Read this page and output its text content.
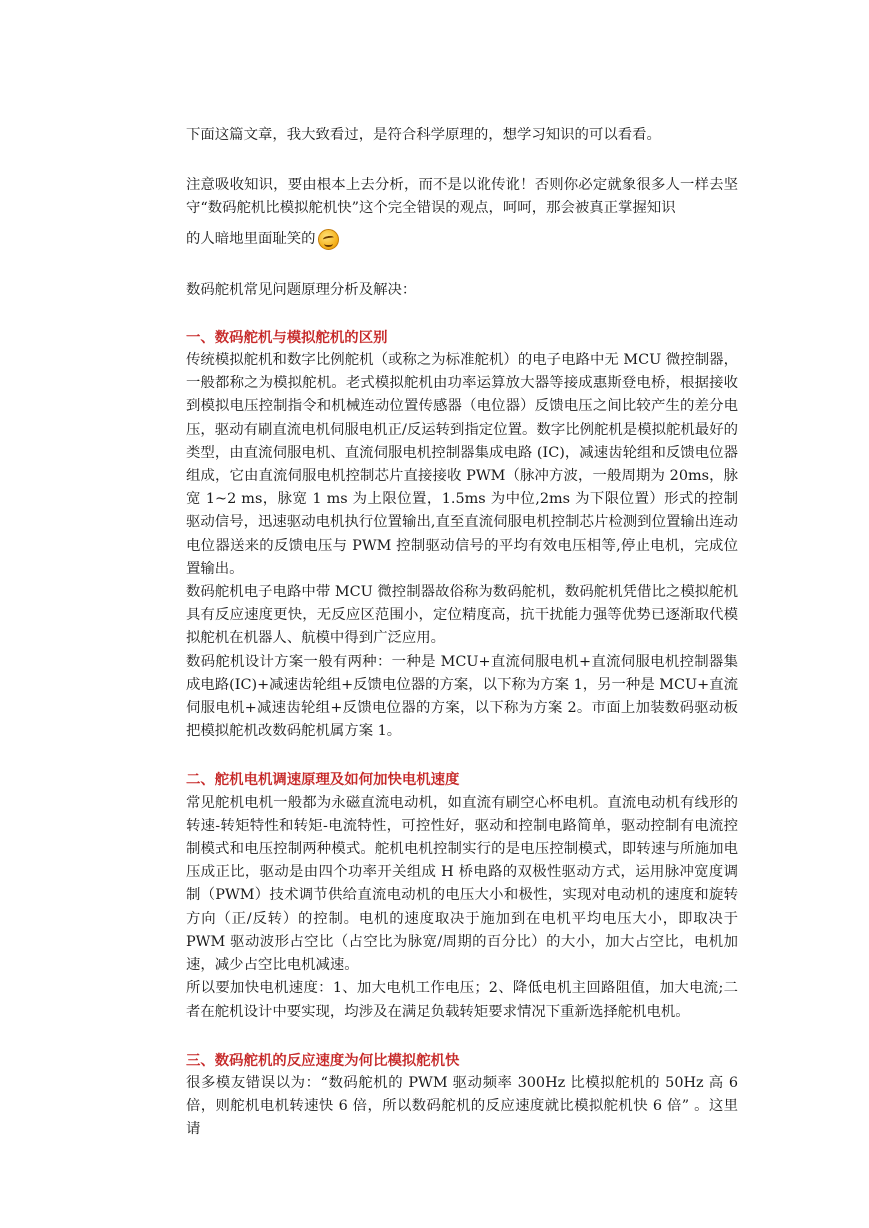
下面这篇文章，我大致看过，是符合科学原理的，想学习知识的可以看看。

注意吸收知识，要由根本上去分析，而不是以讹传讹！否则你必定就象很多人一样去坚守“数码舵机比模拟舵机快”这个完全错误的观点，呵呵，那会被真正掌握知识

的人暗地里面耻笑的

数码舵机常见问题原理分析及解决：

一、数码舵机与模拟舵机的区别

传统模拟舵机和数字比例舵机（或称之为标准舵机）的电子电路中无 MCU 微控制器，一般都称之为模拟舵机。老式模拟舵机由功率运算放大器等接成惠斯登电桥，根据接收到模拟电压控制指令和机械连动位置传感器（电位器）反馈电压之间比较产生的差分电压，驱动有刷直流电机伺服电机正/反运转到指定位置。数字比例舵机是模拟舵机最好的类型，由直流伺服电机、直流伺服电机控制器集成电路 (IC)，减速齿轮组和反馈电位器组成，它由直流伺服电机控制芯片直接接收 PWM（脉冲方波，一般周期为 20ms，脉宽 1~2 ms，脉宽 1 ms 为上限位置，1.5ms 为中位,2ms 为下限位置）形式的控制驱动信号，迅速驱动电机执行位置输出,直至直流伺服电机控制芯片检测到位置输出连动电位器送来的反馈电压与 PWM 控制驱动信号的平均有效电压相等,停止电机，完成位置输出。

数码舵机电子电路中带 MCU 微控制器故俗称为数码舵机，数码舵机凭借比之模拟舵机具有反应速度更快，无反应区范围小，定位精度高，抗干扰能力强等优势已逐渐取代模拟舵机在机器人、航模中得到广泛应用。

数码舵机设计方案一般有两种：一种是 MCU+直流伺服电机+直流伺服电机控制器集成电路(IC)+减速齿轮组+反馈电位器的方案，以下称为方案 1，另一种是 MCU+直流伺服电机+减速齿轮组+反馈电位器的方案，以下称为方案 2。市面上加装数码驱动板把模拟舵机改数码舵机属方案 1。

二、舵机电机调速原理及如何加快电机速度

常见舵机电机一般都为永磁直流电动机，如直流有刷空心杯电机。直流电动机有线形的转速-转矩特性和转矩-电流特性，可控性好，驱动和控制电路简单，驱动控制有电流控制模式和电压控制两种模式。舵机电机控制实行的是电压控制模式，即转速与所施加电压成正比，驱动是由四个功率开关组成 H 桥电路的双极性驱动方式，运用脉冲宽度调制（PWM）技术调节供给直流电动机的电压大小和极性，实现对电动机的速度和旋转方向（正/反转）的控制。电机的速度取决于施加到在电机平均电压大小，即取决于 PWM 驱动波形占空比（占空比为脉宽/周期的百分比）的大小，加大占空比，电机加速，减少占空比电机减速。

所以要加快电机速度：1、加大电机工作电压；2、降低电机主回路阻值，加大电流;二者在舵机设计中要实现，均涉及在满足负载转矩要求情况下重新选择舵机电机。

三、数码舵机的反应速度为何比模拟舵机快

很多模友错误以为：“数码舵机的 PWM 驱动频率 300Hz 比模拟舵机的 50Hz 高 6 倍，则舵机电机转速快 6 倍，所以数码舵机的反应速度就比模拟舵机快 6 倍” 。这里请
